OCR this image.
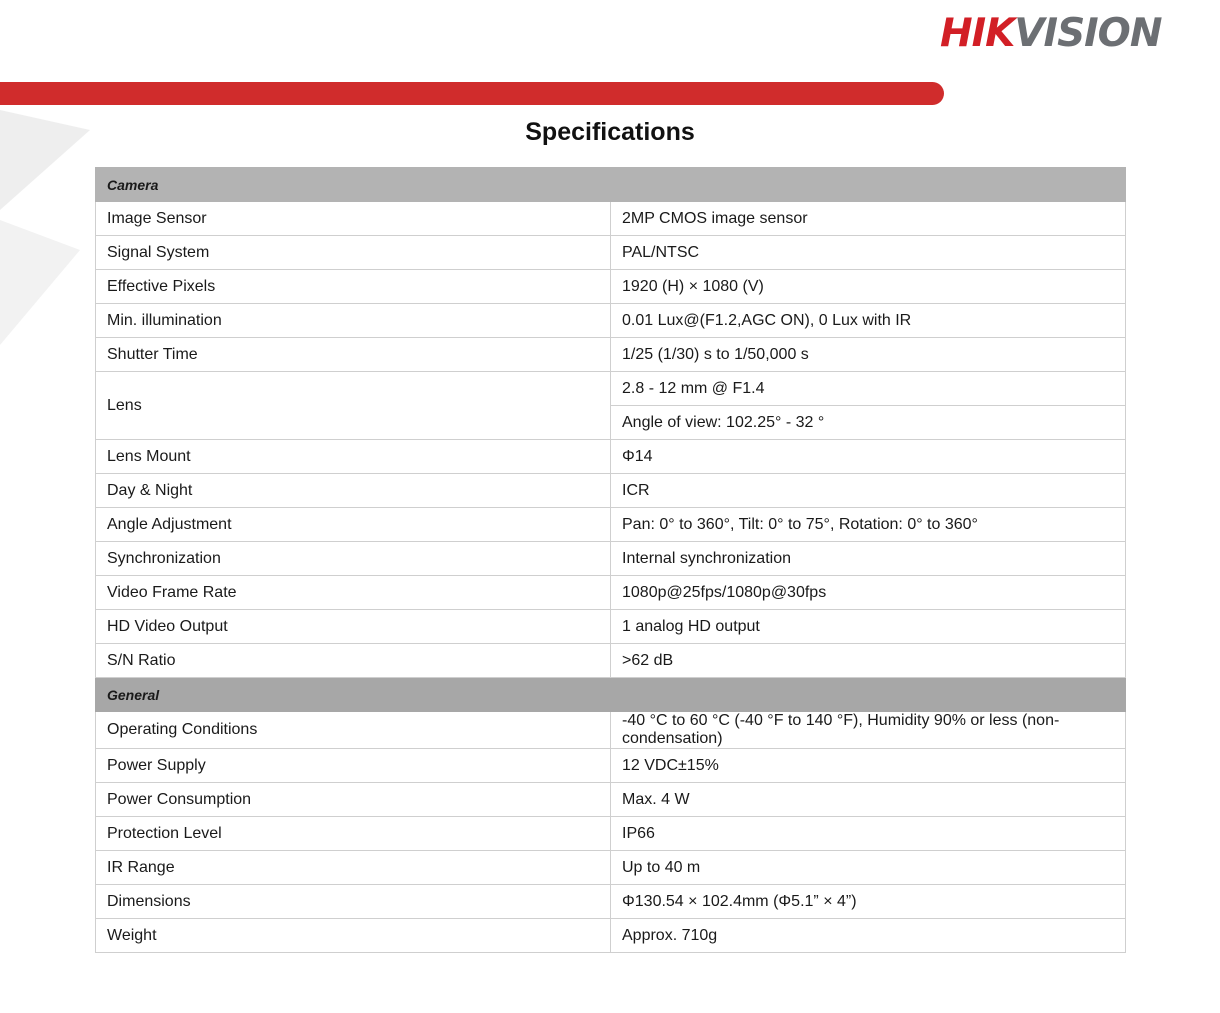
HIKVISION
Specifications
Camera	
Image Sensor	2MP CMOS image sensor
Signal System	PAL/NTSC
Effective Pixels	1920 (H) × 1080 (V)
Min. illumination	0.01 Lux@(F1.2,AGC ON), 0 Lux with IR
Shutter Time	1/25 (1/30) s to 1/50,000 s
Lens	2.8 - 12 mm @ F1.4
	Angle of view: 102.25° - 32 °
Lens Mount	Φ14
Day & Night	ICR
Angle Adjustment	Pan: 0° to 360°, Tilt: 0° to 75°, Rotation: 0° to 360°
Synchronization	Internal synchronization
Video Frame Rate	1080p@25fps/1080p@30fps
HD Video Output	1 analog HD output
S/N Ratio	>62 dB
General	
Operating Conditions	-40 °C to 60 °C (-40 °F to 140 °F), Humidity 90% or less (non-condensation)
Power Supply	12 VDC±15%
Power Consumption	Max. 4 W
Protection Level	IP66
IR Range	Up to 40 m
Dimensions	Φ130.54 × 102.4mm (Φ5.1” × 4”)
Weight	Approx. 710g
